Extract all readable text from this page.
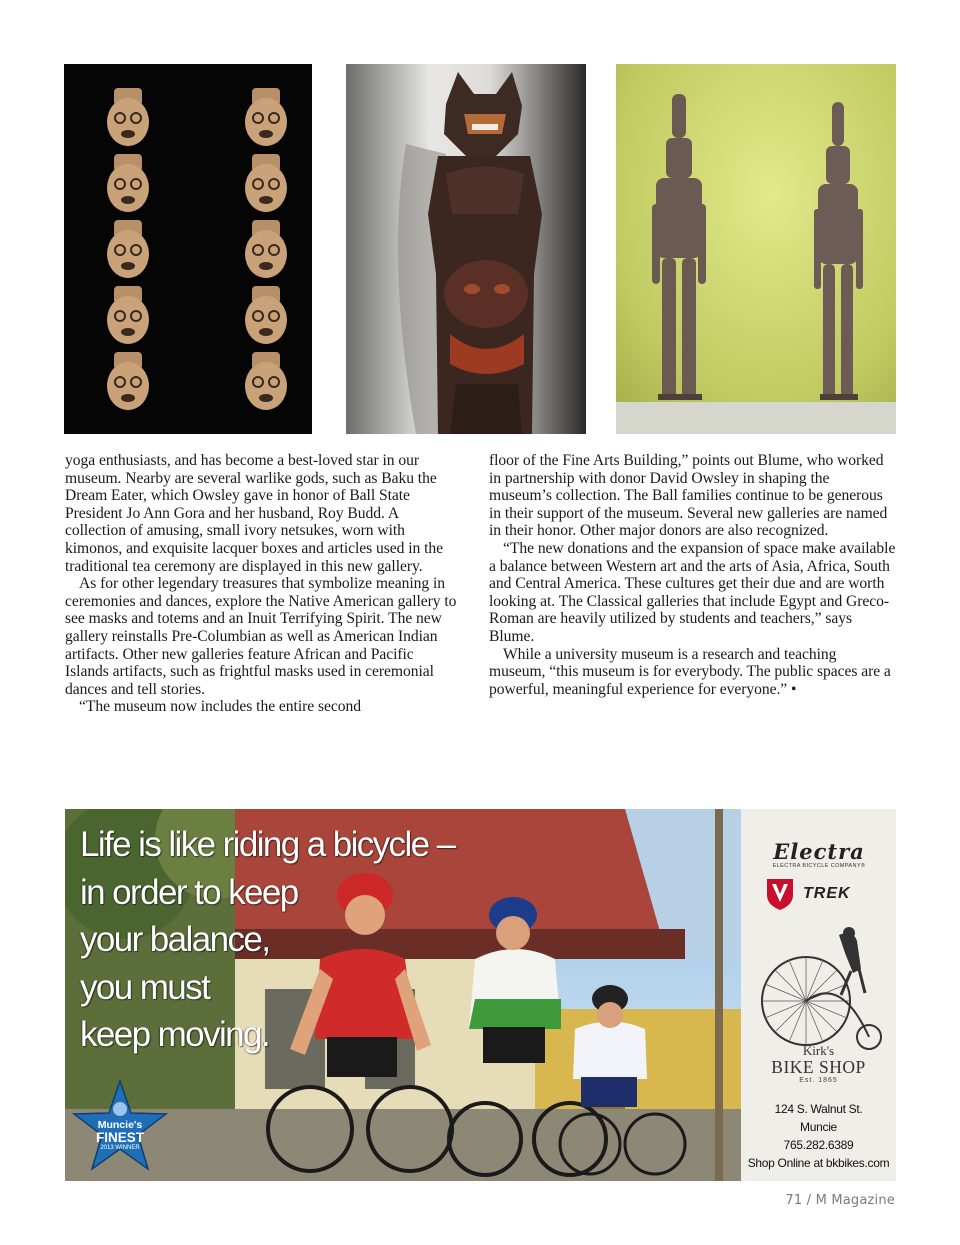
yoga enthusiasts, and has become a best-loved star in our museum. Nearby are several warlike gods, such as Baku the Dream Eater, which Owsley gave in honor of Ball State President Jo Ann Gora and her husband, Roy Budd. A collection of amusing, small ivory netsukes, worn with kimonos, and exquisite lacquer boxes and articles used in the traditional tea ceremony are displayed in this new gallery.

As for other legendary treasures that symbolize meaning in ceremonies and dances, explore the Native American gallery to see masks and totems and an Inuit Terrifying Spirit. The new gallery reinstalls Pre-Columbian as well as American Indian artifacts. Other new galleries feature African and Pacific Islands artifacts, such as frightful masks used in ceremonial dances and tell stories.

“The museum now includes the entire second

floor of the Fine Arts Building,” points out Blume, who worked in partnership with donor David Owsley in shaping the museum’s collection. The Ball families continue to be generous in their support of the museum. Several new galleries are named in their honor. Other major donors are also recognized.

“The new donations and the expansion of space make available a balance between Western art and the arts of Asia, Africa, South and Central America. These cultures get their due and are worth looking at. The Classical galleries that include Egypt and Greco-Roman are heavily utilized by students and teachers,” says Blume.

While a university museum is a research and teaching museum, “this museum is for everybody. The public spaces are a powerful, meaningful experience for everyone.” •

Life is like riding a bicycle –
in order to keep
your balance,
you must
keep moving.
Muncie's
FINEST
2013 WINNER
Electra
ELECTRA BICYCLE COMPANY®
TREK
Kirk's
BIKE SHOP
Est. 1865
124 S. Walnut St.
Muncie
765.282.6389
Shop Online at bkbikes.com
71 / M Magazine
